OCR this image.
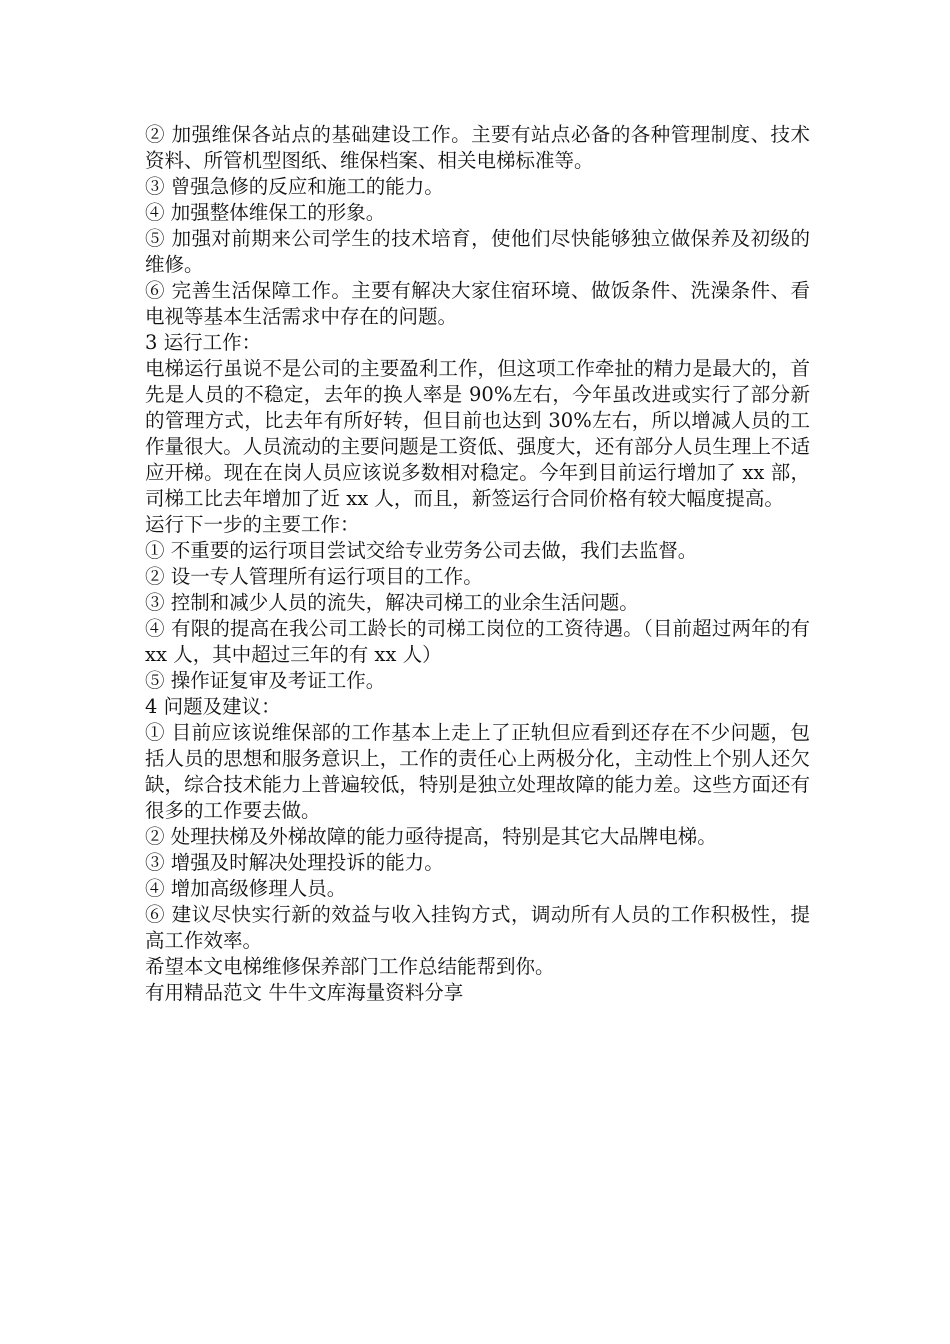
② 加强维保各站点的基础建设工作。主要有站点必备的各种管理制度、技术资料、所管机型图纸、维保档案、相关电梯标准等。

③ 曾强急修的反应和施工的能力。

④ 加强整体维保工的形象。

⑤ 加强对前期来公司学生的技术培育，使他们尽快能够独立做保养及初级的维修。

⑥ 完善生活保障工作。主要有解决大家住宿环境、做饭条件、洗澡条件、看电视等基本生活需求中存在的问题。

3 运行工作：

电梯运行虽说不是公司的主要盈利工作，但这项工作牵扯的精力是最大的，首先是人员的不稳定，去年的换人率是 90%左右，今年虽改进或实行了部分新的管理方式，比去年有所好转，但目前也达到 30%左右，所以增减人员的工作量很大。人员流动的主要问题是工资低、强度大，还有部分人员生理上不适应开梯。现在在岗人员应该说多数相对稳定。今年到目前运行增加了 xx 部，司梯工比去年增加了近 xx 人，而且，新签运行合同价格有较大幅度提高。

运行下一步的主要工作：

① 不重要的运行项目尝试交给专业劳务公司去做，我们去监督。

② 设一专人管理所有运行项目的工作。

③ 控制和减少人员的流失，解决司梯工的业余生活问题。

④ 有限的提高在我公司工龄长的司梯工岗位的工资待遇。（目前超过两年的有 xx 人，其中超过三年的有 xx 人）

⑤ 操作证复审及考证工作。

4 问题及建议：

① 目前应该说维保部的工作基本上走上了正轨但应看到还存在不少问题，包括人员的思想和服务意识上，工作的责任心上两极分化，主动性上个别人还欠缺，综合技术能力上普遍较低，特别是独立处理故障的能力差。这些方面还有很多的工作要去做。

② 处理扶梯及外梯故障的能力亟待提高，特别是其它大品牌电梯。

③ 增强及时解决处理投诉的能力。

④ 增加高级修理人员。

⑥ 建议尽快实行新的效益与收入挂钩方式，调动所有人员的工作积极性，提高工作效率。

希望本文电梯维修保养部门工作总结能帮到你。

有用精品范文 牛牛文库海量资料分享
